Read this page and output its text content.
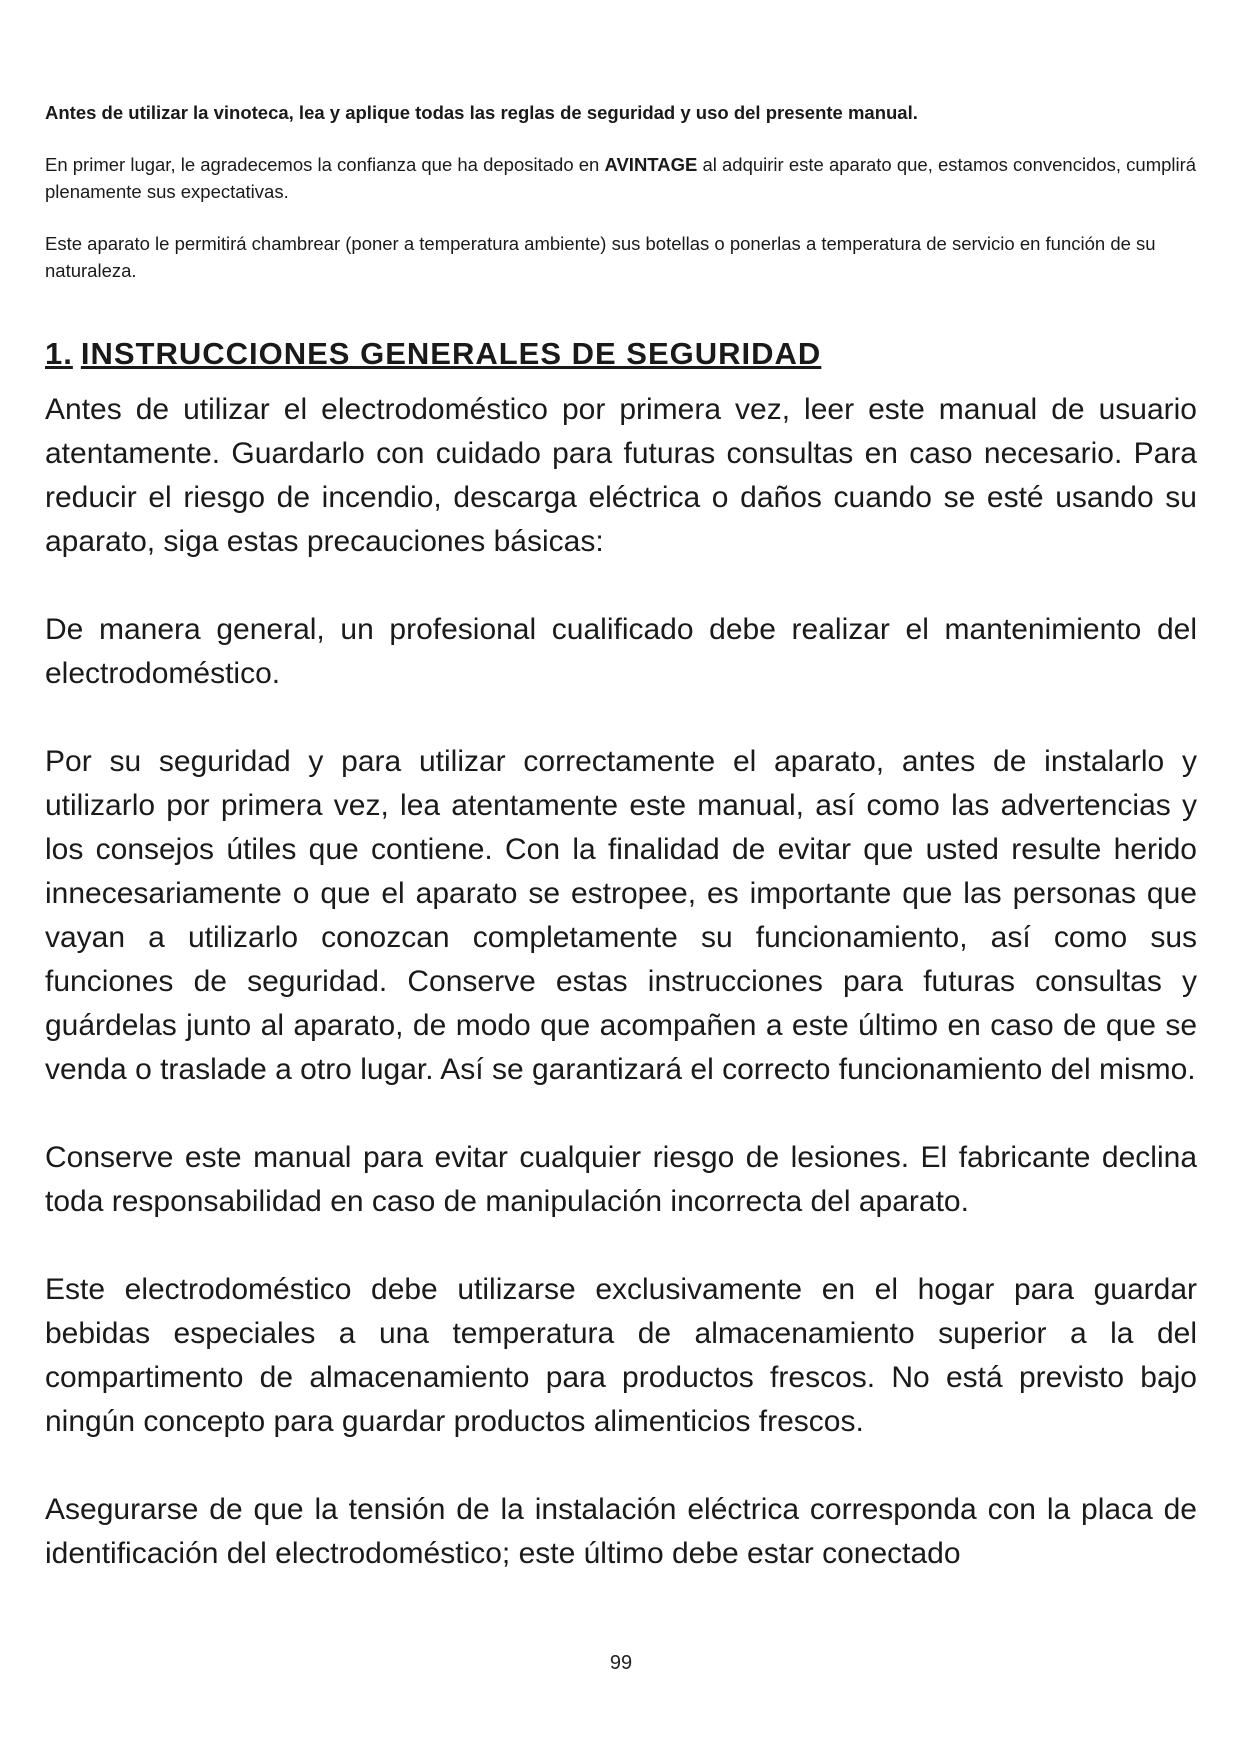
Antes de utilizar la vinoteca, lea y aplique todas las reglas de seguridad y uso del presente manual.

En primer lugar, le agradecemos la confianza que ha depositado en AVINTAGE al adquirir este aparato que, estamos convencidos, cumplirá plenamente sus expectativas.

Este aparato le permitirá chambrear (poner a temperatura ambiente) sus botellas o ponerlas a temperatura de servicio en función de su naturaleza.

1. INSTRUCCIONES GENERALES DE SEGURIDAD

Antes de utilizar el electrodoméstico por primera vez, leer este manual de usuario atentamente. Guardarlo con cuidado para futuras consultas en caso necesario. Para reducir el riesgo de incendio, descarga eléctrica o daños cuando se esté usando su aparato, siga estas precauciones básicas:

De manera general, un profesional cualificado debe realizar el mantenimiento del electrodoméstico.

Por su seguridad y para utilizar correctamente el aparato, antes de instalarlo y utilizarlo por primera vez, lea atentamente este manual, así como las advertencias y los consejos útiles que contiene. Con la finalidad de evitar que usted resulte herido innecesariamente o que el aparato se estropee, es importante que las personas que vayan a utilizarlo conozcan completamente su funcionamiento, así como sus funciones de seguridad. Conserve estas instrucciones para futuras consultas y guárdelas junto al aparato, de modo que acompañen a este último en caso de que se venda o traslade a otro lugar. Así se garantizará el correcto funcionamiento del mismo.

Conserve este manual para evitar cualquier riesgo de lesiones. El fabricante declina toda responsabilidad en caso de manipulación incorrecta del aparato.

Este electrodoméstico debe utilizarse exclusivamente en el hogar para guardar bebidas especiales a una temperatura de almacenamiento superior a la del compartimento de almacenamiento para productos frescos. No está previsto bajo ningún concepto para guardar productos alimenticios frescos.

Asegurarse de que la tensión de la instalación eléctrica corresponda con la placa de identificación del electrodoméstico; este último debe estar conectado

99
